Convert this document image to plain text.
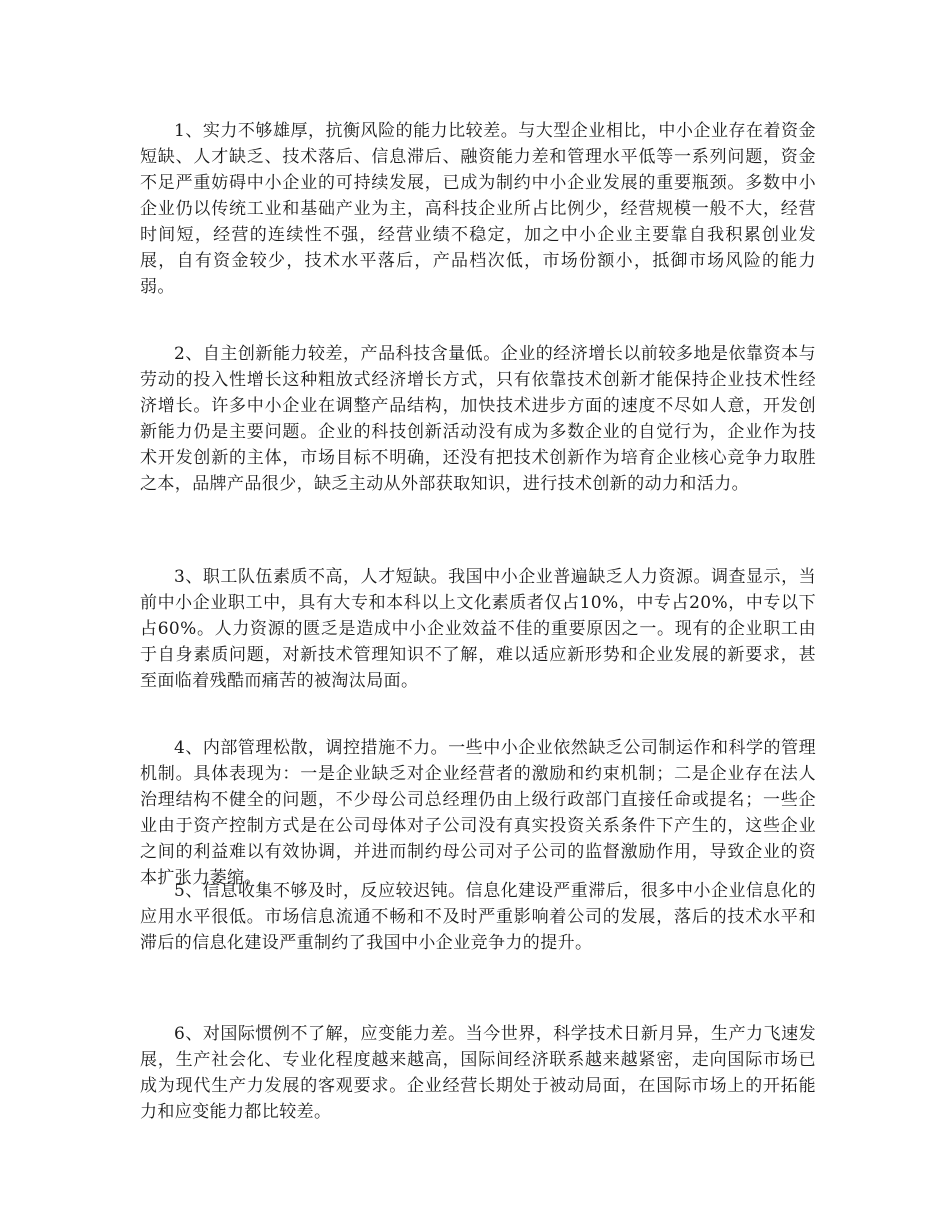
1、实力不够雄厚，抗衡风险的能力比较差。与大型企业相比，中小企业存在着资金短缺、人才缺乏、技术落后、信息滞后、融资能力差和管理水平低等一系列问题，资金不足严重妨碍中小企业的可持续发展，已成为制约中小企业发展的重要瓶颈。多数中小企业仍以传统工业和基础产业为主，高科技企业所占比例少，经营规模一般不大，经营时间短，经营的连续性不强，经营业绩不稳定，加之中小企业主要靠自我积累创业发展，自有资金较少，技术水平落后，产品档次低，市场份额小，抵御市场风险的能力弱。

2、自主创新能力较差，产品科技含量低。企业的经济增长以前较多地是依靠资本与劳动的投入性增长这种粗放式经济增长方式，只有依靠技术创新才能保持企业技术性经济增长。许多中小企业在调整产品结构，加快技术进步方面的速度不尽如人意，开发创新能力仍是主要问题。企业的科技创新活动没有成为多数企业的自觉行为，企业作为技术开发创新的主体，市场目标不明确，还没有把技术创新作为培育企业核心竞争力取胜之本，品牌产品很少，缺乏主动从外部获取知识，进行技术创新的动力和活力。

3、职工队伍素质不高，人才短缺。我国中小企业普遍缺乏人力资源。调查显示，当前中小企业职工中，具有大专和本科以上文化素质者仅占10%，中专占20%，中专以下占60%。人力资源的匮乏是造成中小企业效益不佳的重要原因之一。现有的企业职工由于自身素质问题，对新技术管理知识不了解，难以适应新形势和企业发展的新要求，甚至面临着残酷而痛苦的被淘汰局面。

4、内部管理松散，调控措施不力。一些中小企业依然缺乏公司制运作和科学的管理机制。具体表现为：一是企业缺乏对企业经营者的激励和约束机制；二是企业存在法人治理结构不健全的问题，不少母公司总经理仍由上级行政部门直接任命或提名；一些企业由于资产控制方式是在公司母体对子公司没有真实投资关系条件下产生的，这些企业之间的利益难以有效协调，并进而制约母公司对子公司的监督激励作用，导致企业的资本扩张力萎缩。

5、信息收集不够及时，反应较迟钝。信息化建设严重滞后，很多中小企业信息化的应用水平很低。市场信息流通不畅和不及时严重影响着公司的发展，落后的技术水平和滞后的信息化建设严重制约了我国中小企业竞争力的提升。

6、对国际惯例不了解，应变能力差。当今世界，科学技术日新月异，生产力飞速发展，生产社会化、专业化程度越来越高，国际间经济联系越来越紧密，走向国际市场已成为现代生产力发展的客观要求。企业经营长期处于被动局面，在国际市场上的开拓能力和应变能力都比较差。
